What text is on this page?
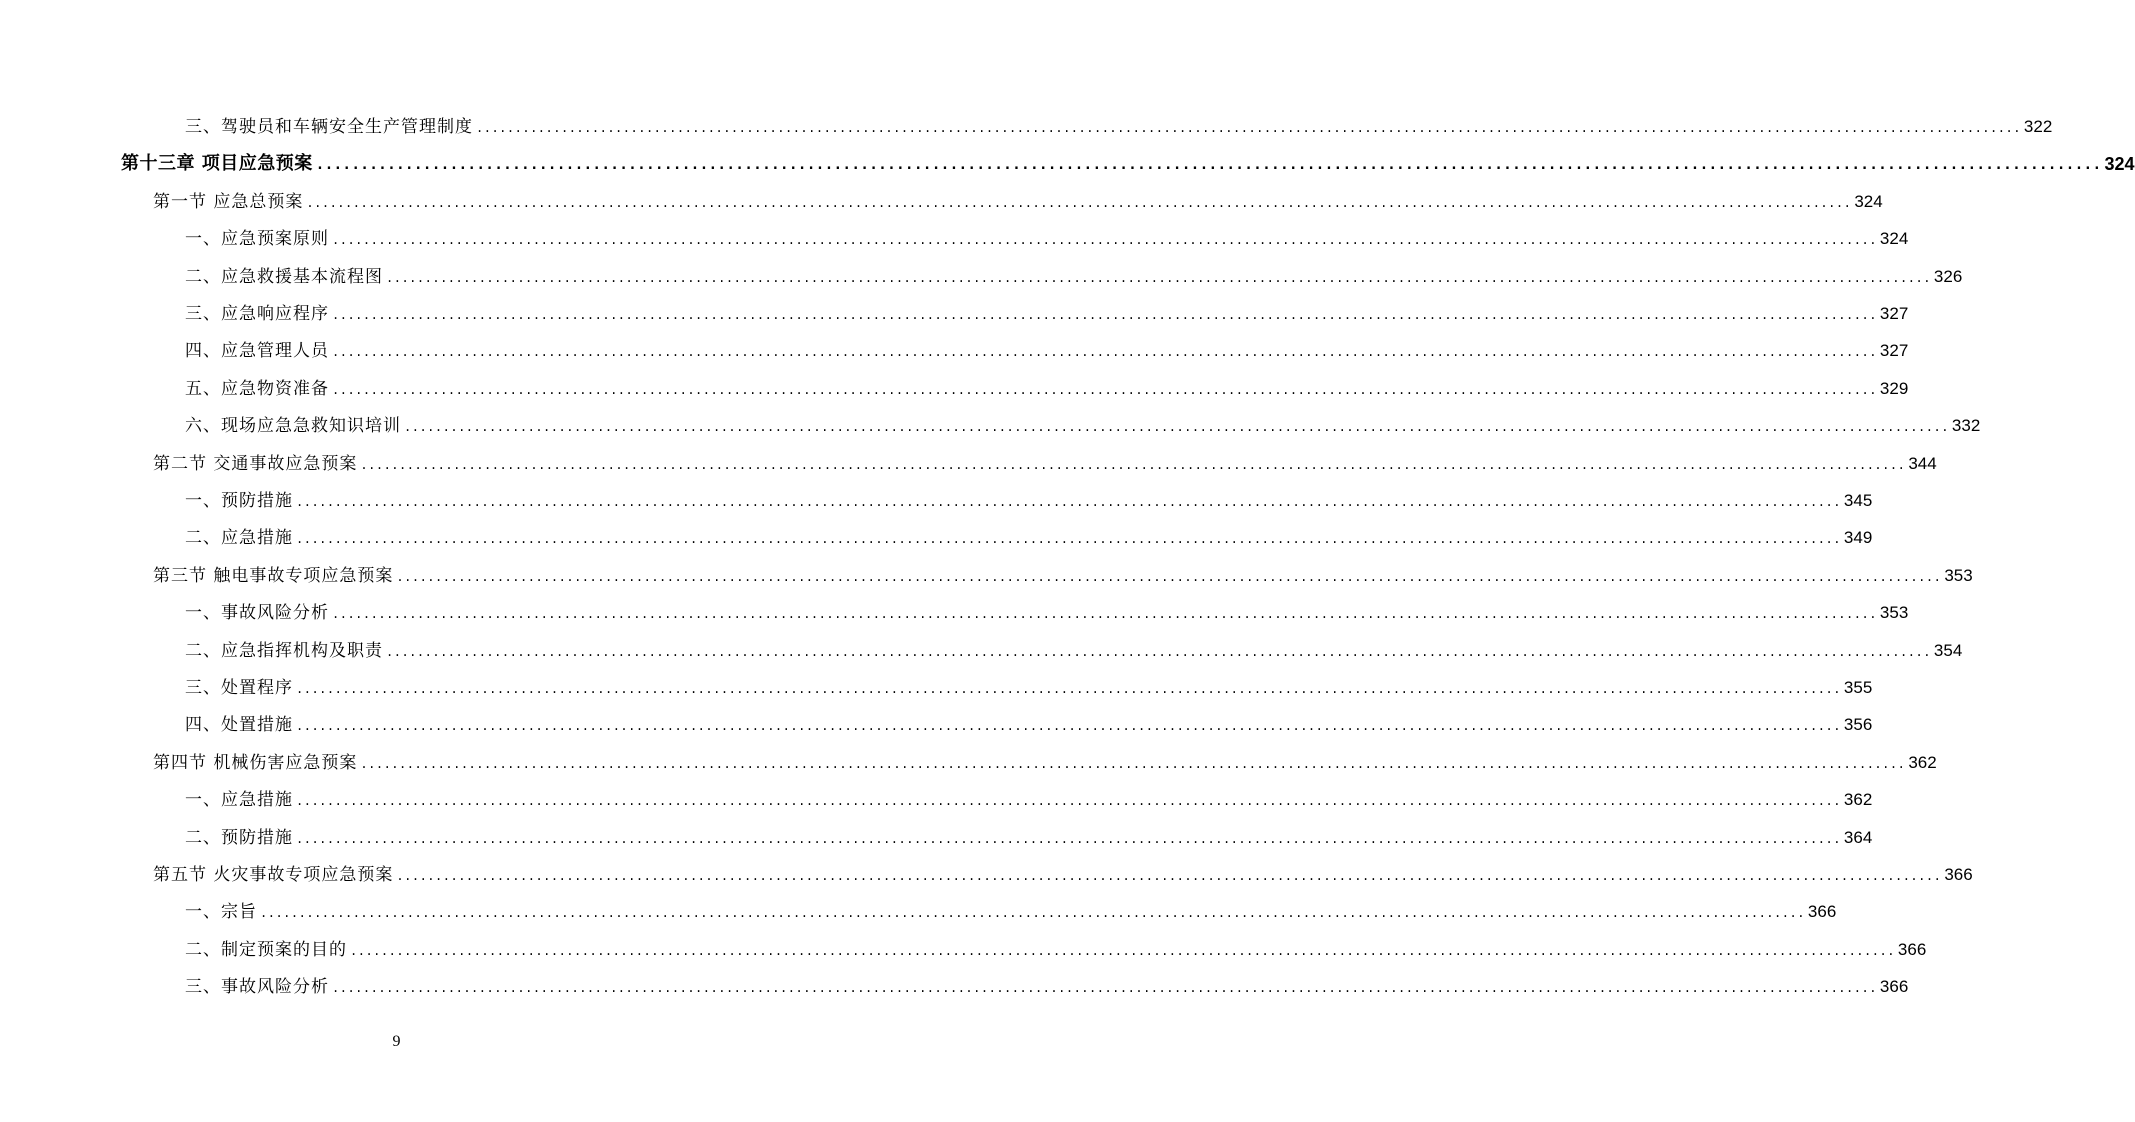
三、驾驶员和车辆安全生产管理制度 ........................................................................................................................................................................................................ 322
第十三章 项目应急预案 ........................................................................................................................................................................................................ 324
第一节 应急总预案 ........................................................................................................................................................................................................ 324
一、应急预案原则 ........................................................................................................................................................................................................ 324
二、应急救援基本流程图 ........................................................................................................................................................................................................ 326
三、应急响应程序 ........................................................................................................................................................................................................ 327
四、应急管理人员 ........................................................................................................................................................................................................ 327
五、应急物资准备 ........................................................................................................................................................................................................ 329
六、现场应急急救知识培训 ........................................................................................................................................................................................................ 332
第二节 交通事故应急预案 ........................................................................................................................................................................................................ 344
一、预防措施 ........................................................................................................................................................................................................ 345
二、应急措施 ........................................................................................................................................................................................................ 349
第三节 触电事故专项应急预案 ........................................................................................................................................................................................................ 353
一、事故风险分析 ........................................................................................................................................................................................................ 353
二、应急指挥机构及职责 ........................................................................................................................................................................................................ 354
三、处置程序 ........................................................................................................................................................................................................ 355
四、处置措施 ........................................................................................................................................................................................................ 356
第四节 机械伤害应急预案 ........................................................................................................................................................................................................ 362
一、应急措施 ........................................................................................................................................................................................................ 362
二、预防措施 ........................................................................................................................................................................................................ 364
第五节 火灾事故专项应急预案 ........................................................................................................................................................................................................ 366
一、宗旨 ........................................................................................................................................................................................................ 366
二、制定预案的目的 ........................................................................................................................................................................................................ 366
三、事故风险分析 ........................................................................................................................................................................................................ 366
9
